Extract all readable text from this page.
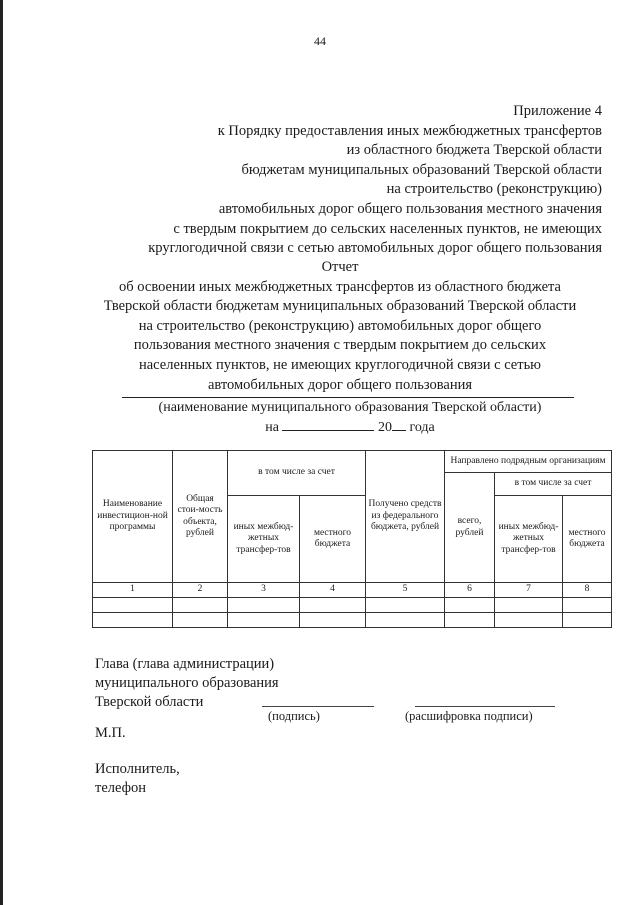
44
Приложение 4
к Порядку предоставления иных межбюджетных трансфертов
из областного бюджета Тверской области
бюджетам муниципальных образований Тверской области
на строительство (реконструкцию)
автомобильных дорог общего пользования местного значения
с твердым покрытием до сельских населенных пунктов, не имеющих
круглогодичной связи с сетью автомобильных дорог общего пользования
Отчет
об освоении иных межбюджетных трансфертов из областного бюджета
Тверской области бюджетам муниципальных образований Тверской области
на строительство (реконструкцию) автомобильных дорог общего
пользования местного значения с твердым покрытием до сельских
населенных пунктов, не имеющих круглогодичной связи с сетью
автомобильных дорог общего пользования
(наименование муниципального образования Тверской области)
на	20 года
Наименование инвестицион-ной программы	Общая стои-мость объекта, рублей	в том числе за счет		Получено средств из федерального бюджета, рублей	Направлено подрядным организациям		
					всего, рублей	в том числе за счет	
		иных межбюд-жетных трансфер-тов	местного бюджета			иных межбюд-жетных трансфер-тов	местного бюджета
1	2	3	4	5	6	7	8

Глава (глава администрации)
муниципального образования
Тверской области
(подпись)	(расшифровка подписи)
М.П.
Исполнитель,
телефон
